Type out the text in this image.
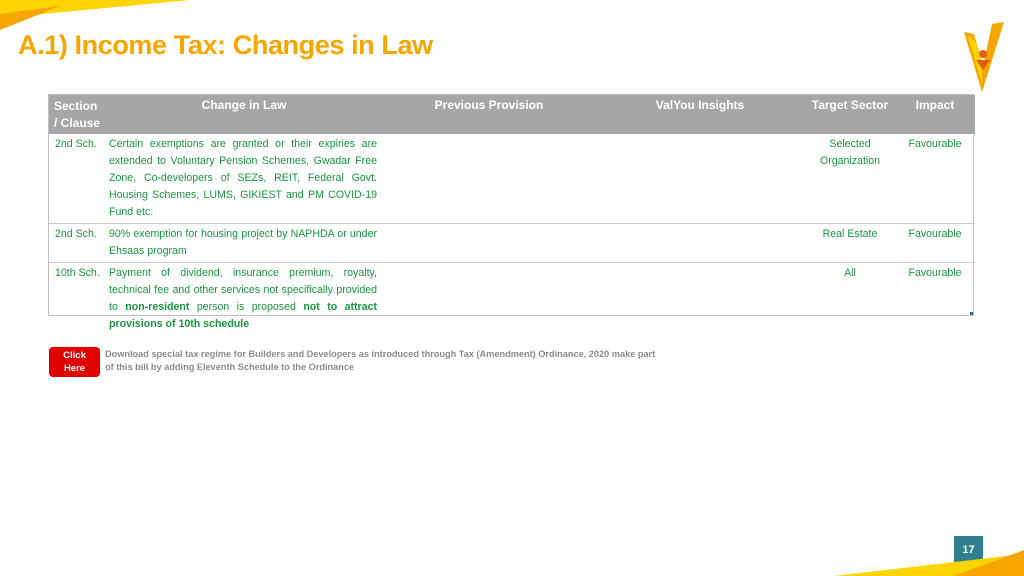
A.1) Income Tax: Changes in Law
Section / Clause	Change in Law	Previous Provision	ValYou Insights	Target Sector	Impact
2nd Sch.	Certain exemptions are granted or their expiries are extended to Voluntary Pension Schemes, Gwadar Free Zone, Co-developers of SEZs, REIT, Federal Govt. Housing Schemes, LUMS, GIKIEST and PM COVID-19 Fund etc.			Selected Organization	Favourable
2nd Sch.	90% exemption for housing project by NAPHDA or under Ehsaas program			Real Estate	Favourable
10th Sch.	Payment of dividend, insurance premium, royalty, technical fee and other services not specifically provided to non-resident person is proposed not to attract provisions of 10th schedule			All	Favourable
Click
Here
Download special tax regime for Builders and Developers as introduced through Tax (Amendment) Ordinance, 2020 make part of this bill by adding Eleventh Schedule to the Ordinance
17
